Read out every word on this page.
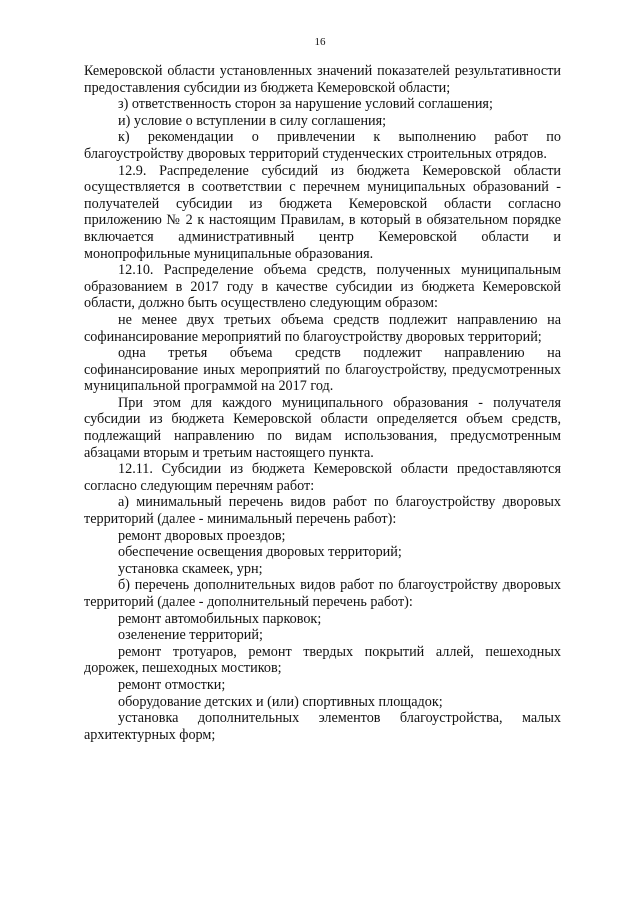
16

Кемеровской области установленных значений показателей результативности предоставления субсидии из бюджета Кемеровской области;

з) ответственность сторон за нарушение условий соглашения;

и) условие о вступлении в силу соглашения;

к) рекомендации о привлечении к выполнению работ по благоустройству дворовых территорий студенческих строительных отрядов.

12.9. Распределение субсидий из бюджета Кемеровской области осуществляется в соответствии с перечнем муниципальных образований - получателей субсидии из бюджета Кемеровской области согласно приложению № 2 к настоящим Правилам, в который в обязательном порядке включается административный центр Кемеровской области и монопрофильные муниципальные образования.

12.10. Распределение объема средств, полученных муниципальным образованием в 2017 году в качестве субсидии из бюджета Кемеровской области, должно быть осуществлено следующим образом:

не менее двух третьих объема средств подлежит направлению на софинансирование мероприятий по благоустройству дворовых территорий;

одна третья объема средств подлежит направлению на софинансирование иных мероприятий по благоустройству, предусмотренных муниципальной программой на 2017 год.

При этом для каждого муниципального образования - получателя субсидии из бюджета Кемеровской области определяется объем средств, подлежащий направлению по видам использования, предусмотренным абзацами вторым и третьим настоящего пункта.

12.11. Субсидии из бюджета Кемеровской области предоставляются согласно следующим перечням работ:

а) минимальный перечень видов работ по благоустройству дворовых территорий (далее - минимальный перечень работ):

ремонт дворовых проездов;

обеспечение освещения дворовых территорий;

установка скамеек, урн;

б) перечень дополнительных видов работ по благоустройству дворовых территорий (далее - дополнительный перечень работ):

ремонт автомобильных парковок;

озеленение территорий;

ремонт тротуаров, ремонт твердых покрытий аллей, пешеходных дорожек, пешеходных мостиков;

ремонт отмостки;

оборудование детских и (или) спортивных площадок;

установка дополнительных элементов благоустройства, малых архитектурных форм;
